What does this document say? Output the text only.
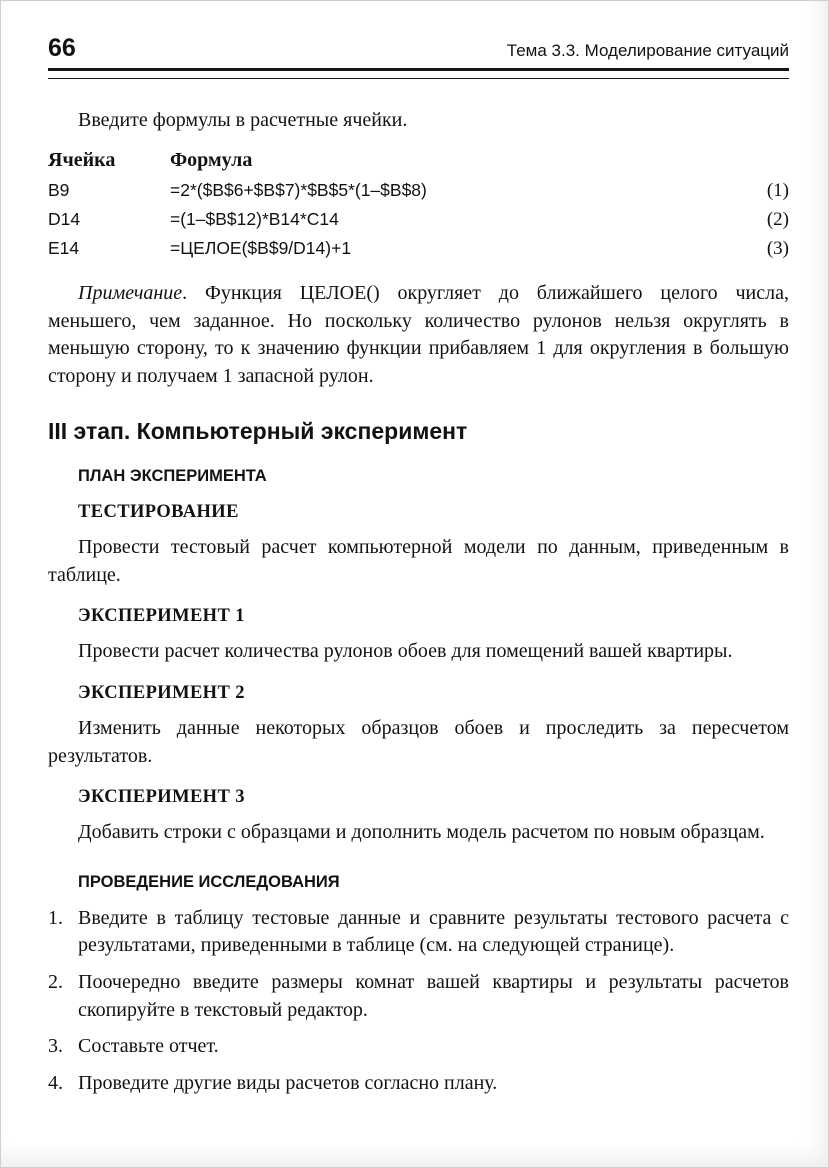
66	Тема 3.3. Моделирование ситуаций

Введите формулы в расчетные ячейки.

Ячейка	Формула
B9	=2*($B$6+$B$7)*$B$5*(1–$B$8)	(1)
D14	=(1–$B$12)*B14*C14	(2)
E14	=ЦЕЛОЕ($B$9/D14)+1	(3)

Примечание. Функция ЦЕЛОЕ() округляет до ближайшего целого числа, меньшего, чем заданное. Но поскольку количество рулонов нельзя округлять в меньшую сторону, то к значению функции прибавляем 1 для округления в большую сторону и получаем 1 запасной рулон.

III этап. Компьютерный эксперимент
ПЛАН ЭКСПЕРИМЕНТА
ТЕСТИРОВАНИЕ

Провести тестовый расчет компьютерной модели по данным, приведенным в таблице.

ЭКСПЕРИМЕНТ 1

Провести расчет количества рулонов обоев для помещений вашей квартиры.

ЭКСПЕРИМЕНТ 2

Изменить данные некоторых образцов обоев и проследить за пересчетом результатов.

ЭКСПЕРИМЕНТ 3

Добавить строки с образцами и дополнить модель расчетом по новым образцам.

ПРОВЕДЕНИЕ ИССЛЕДОВАНИЯ
1. Введите в таблицу тестовые данные и сравните результаты тестового расчета с результатами, приведенными в таблице (см. на следующей странице).
2. Поочередно введите размеры комнат вашей квартиры и результаты расчетов скопируйте в текстовый редактор.
3. Составьте отчет.
4. Проведите другие виды расчетов согласно плану.
